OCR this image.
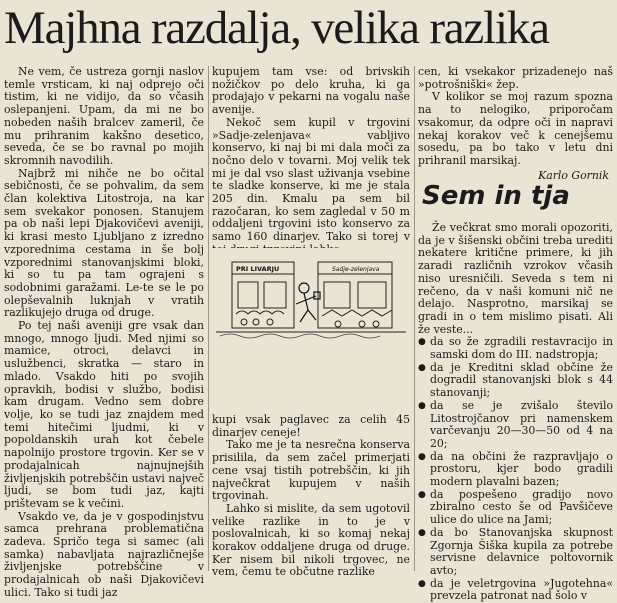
Majhna razdalja, velika razlika

Ne vem, če ustreza gornji naslov temle vrsticam, ki naj odprejo oči tistim, ki ne vidijo, da so včasih oslepanjeni. Upam, da mi ne bo nobeden naših bralcev zameril, če mu prihranim kakšno desetico, seveda, če se bo ravnal po mojih skromnih navodilih.

Najbrž mi nihče ne bo očital sebičnosti, če se pohvalim, da sem član kolektiva Litostroja, na kar sem svekakor ponosen. Stanujem pa ob naši lepi Djakovičevi aveniji, ki krasi mesto Ljubljano z izredno vzporednima cestama in še bolj vzporednimi stanovanjskimi bloki, ki so tu pa tam ograjeni s sodobnimi garažami. Le-te se le po olepševalnih luknjah v vratih razlikujejo druga od druge.

Po tej naši aveniji gre vsak dan mnogo, mnogo ljudi. Med njimi so mamice, otroci, delavci in uslužbenci, skratka — staro in mlado. Vsakdo hiti po svojih opravkih, bodisi v službo, bodisi kam drugam. Vedno sem dobre volje, ko se tudi jaz znajdem med temi hitečimi ljudmi, ki v popoldanskih urah kot čebele napolnijo prostore trgovin. Ker se v prodajalnicah najnujnejših življenjskih potrebščin ustavi največ ljudi, se bom tudi jaz, kajti prištevam se k večini.

Vsakdo ve, da je v gospodinjstvu samca prehrana problematična zadeva. Spričo tega si samec (ali samka) nabavljata najrazličnejše življenjske potrebščine v prodajalnicah ob naši Djakovičevi ulici. Tako si tudi jaz

kupujem tam vse: od brivskih nožičkov po delo kruha, ki ga prodajajo v pekarni na vogalu naše avenije.

Nekoč sem kupil v trgovini »Sadje-zelenjava« vabljivo konservo, ki naj bi mi dala moči za nočno delo v tovarni. Moj velik tek mi je dal vso slast uživanja vsebine te sladke konserve, ki me je stala 205 din. Kmalu pa sem bil razočaran, ko sem zagledal v 50 m oddaljeni trgovini isto konservo za samo 160 dinarjev. Tako si torej v

kupi vsak paglavec za celih 45 dinarjev ceneje!

Tako me je ta nesrečna konserva prisilila, da sem začel primerjati cene vsaj tistih potrebščin, ki jih največkrat kupujem v naših trgovinah.

Lahko si mislite, da sem ugotovil velike razlike in to je v poslovalnicah, ki so komaj nekaj korakov oddaljene druga od druge. Ker nisem bil nikoli trgovec, ne vem, čemu te občutne razlike

PRI LIVARJU	Sadje-zelenjava

cen, ki vsekakor prizadenejo naš »potrošniški« žep.

V kolikor se moj razum spozna na to nelogiko, priporočam vsakomur, da odpre oči in napravi nekaj korakov več k cenejšemu sosedu, pa bo tako v letu dni prihranil marsikaj.

Karlo Gornik
Sem in tja

Že večkrat smo morali opozoriti, da je v šišenski občini treba urediti nekatere kritične primere, ki jih zaradi različnih vzrokov včasih niso uresničili. Seveda s tem ni rečeno, da v naši komuni nič ne delajo. Nasprotno, marsikaj se gradi in o tem mislimo pisati. Ali že veste...

● da so že zgradili restavracijo in samski dom do III. nadstropja;
● da je Kreditni sklad občine že dogradil stanovanjski blok s 44 stanovanji;
● da se je zvišalo število Litostrojčanov pri namenskem varčevanju 20—30—50 od 4 na 20;
● da na občini že razpravljajo o prostoru, kjer bodo gradili modern plavalni bazen;
● da pospešeno gradijo novo zbiralno cesto še od Pavšičeve ulice do ulice na Jami;
● da bo Stanovanjska skupnost Zgornja Šiška kupila za potrebe servisne delavnice poltovornik avto;
● da je veletrgovina »Jugotehna« prevzela patronat nad šolo v
